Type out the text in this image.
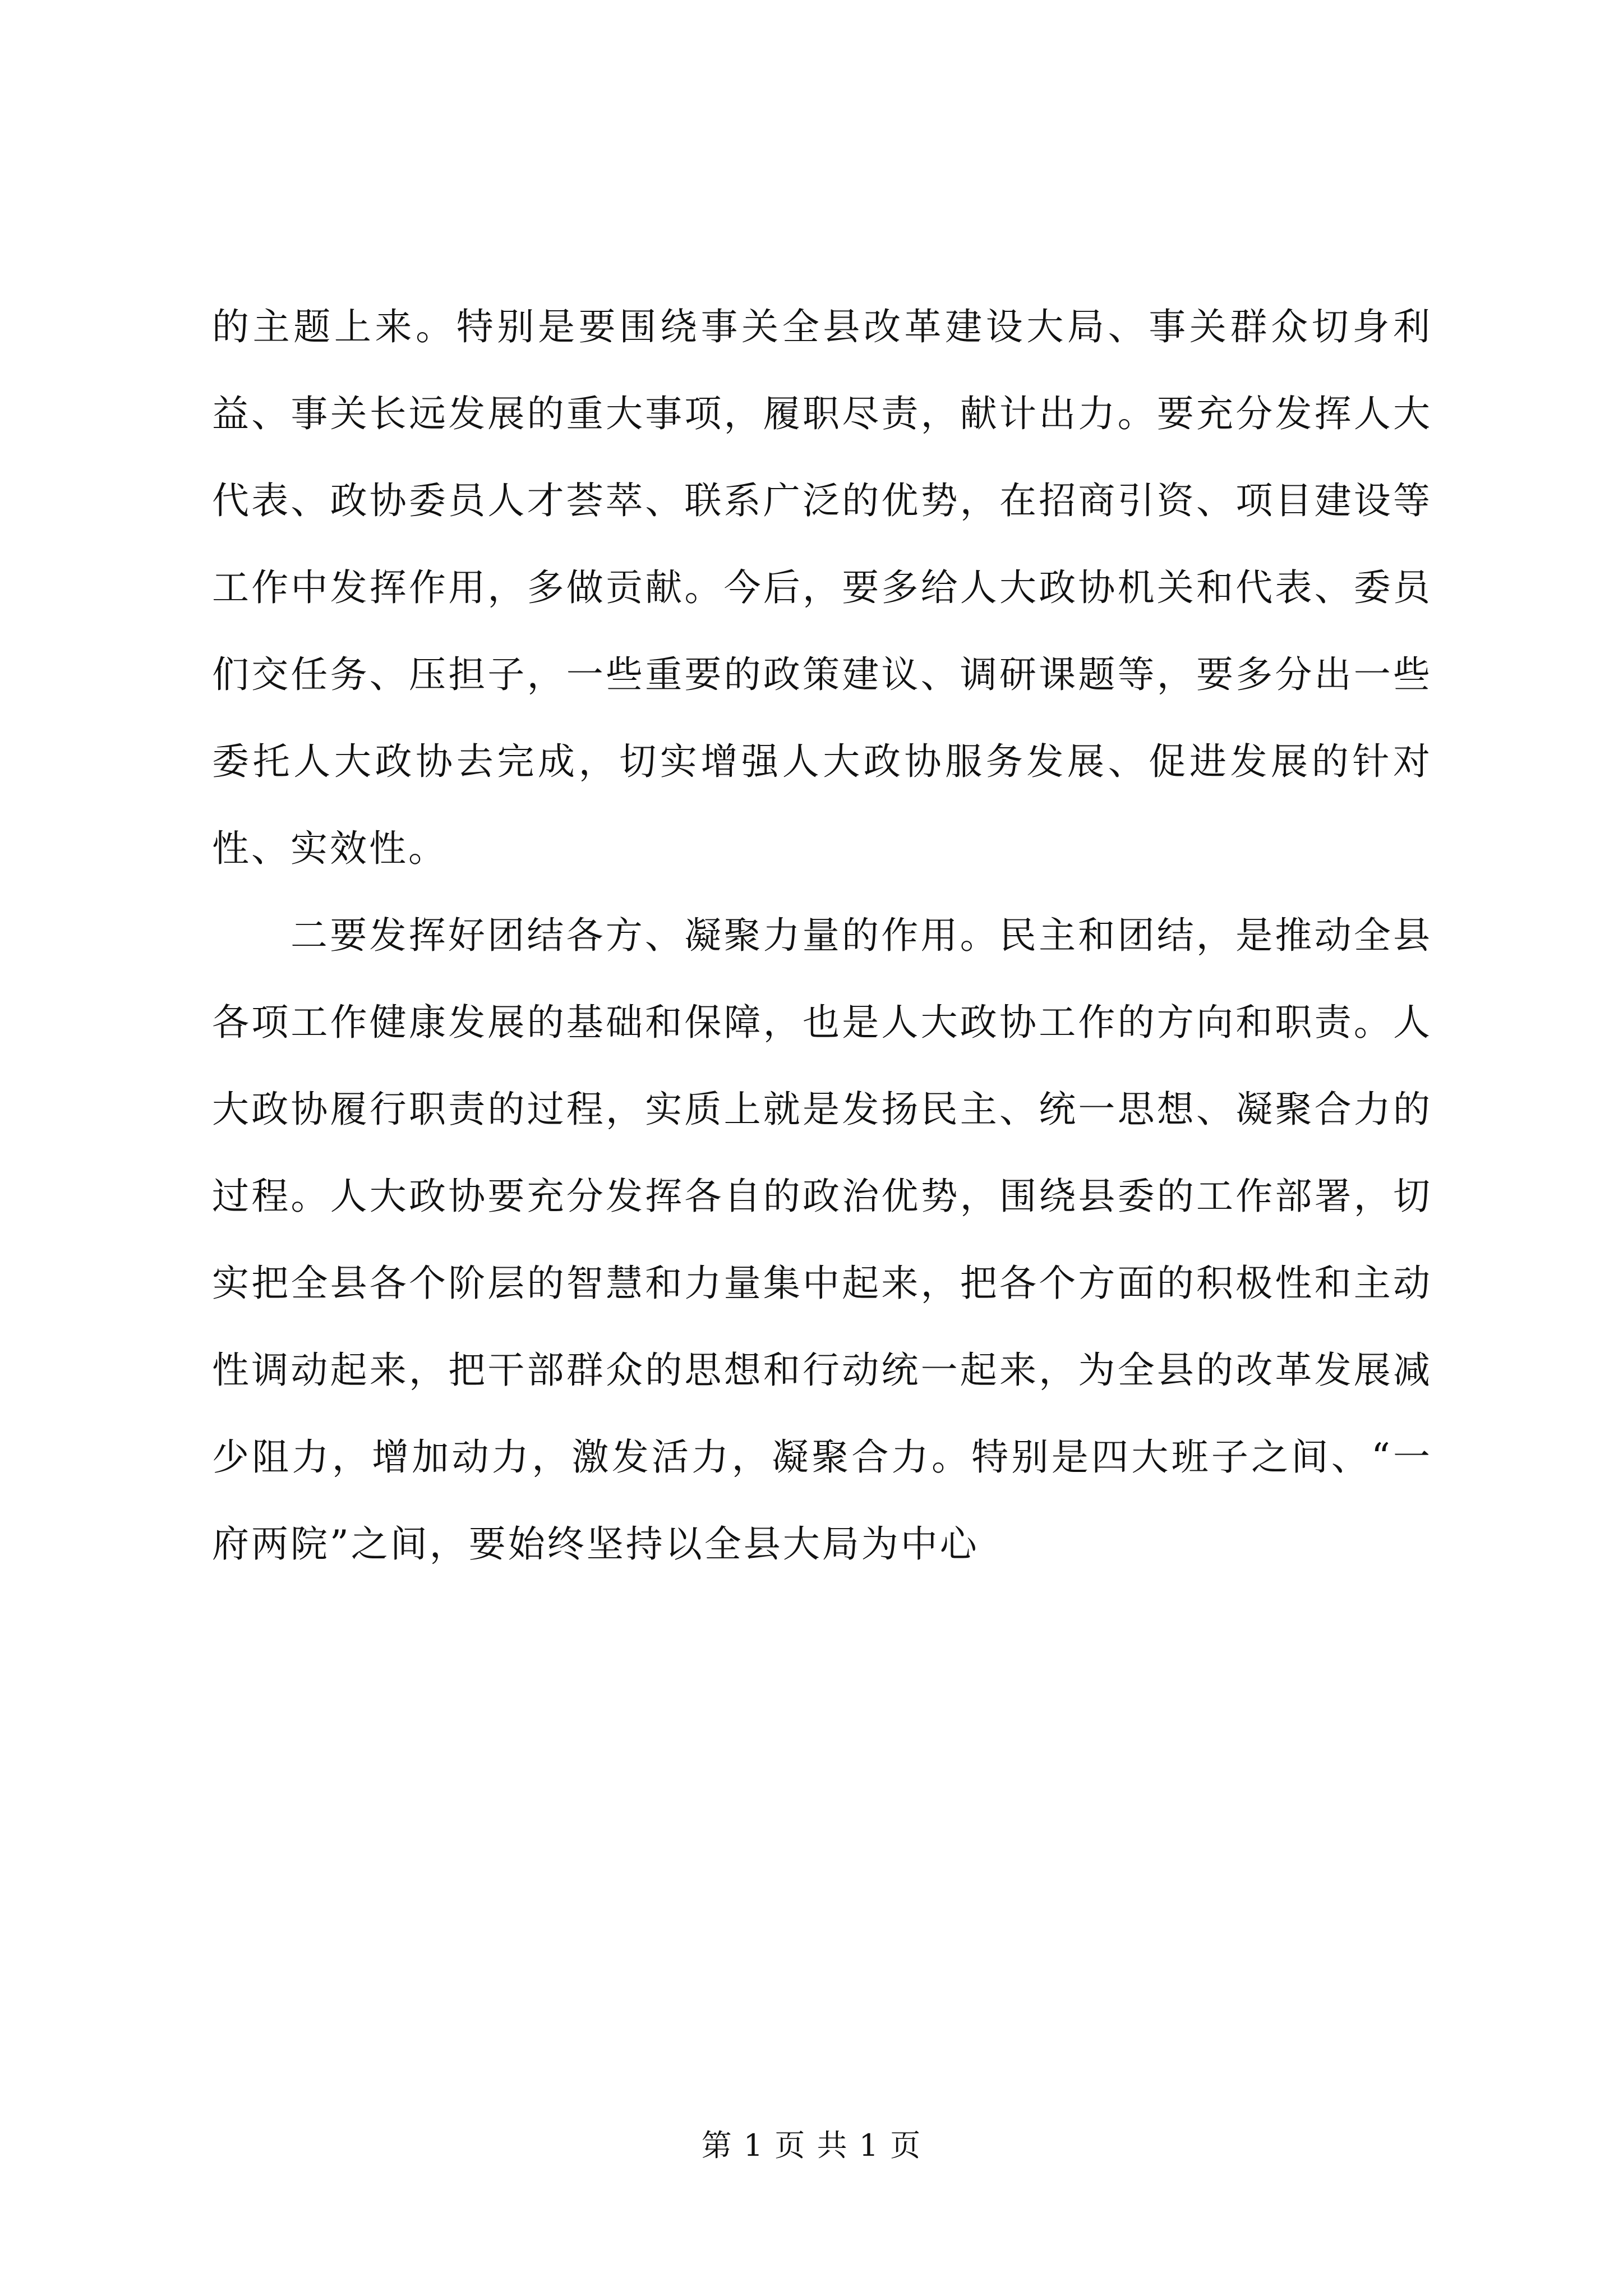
的主题上来。特别是要围绕事关全县改革建设大局、事关群众切身利益、事关长远发展的重大事项，履职尽责，献计出力。要充分发挥人大代表、政协委员人才荟萃、联系广泛的优势，在招商引资、项目建设等工作中发挥作用，多做贡献。今后，要多给人大政协机关和代表、委员们交任务、压担子，一些重要的政策建议、调研课题等，要多分出一些委托人大政协去完成，切实增强人大政协服务发展、促进发展的针对性、实效性。

二要发挥好团结各方、凝聚力量的作用。民主和团结，是推动全县各项工作健康发展的基础和保障，也是人大政协工作的方向和职责。人大政协履行职责的过程，实质上就是发扬民主、统一思想、凝聚合力的过程。人大政协要充分发挥各自的政治优势，围绕县委的工作部署，切实把全县各个阶层的智慧和力量集中起来，把各个方面的积极性和主动性调动起来，把干部群众的思想和行动统一起来，为全县的改革发展减少阻力，增加动力，激发活力，凝聚合力。特别是四大班子之间、“一府两院”之间，要始终坚持以全县大局为中心

第 1 页 共 1 页
